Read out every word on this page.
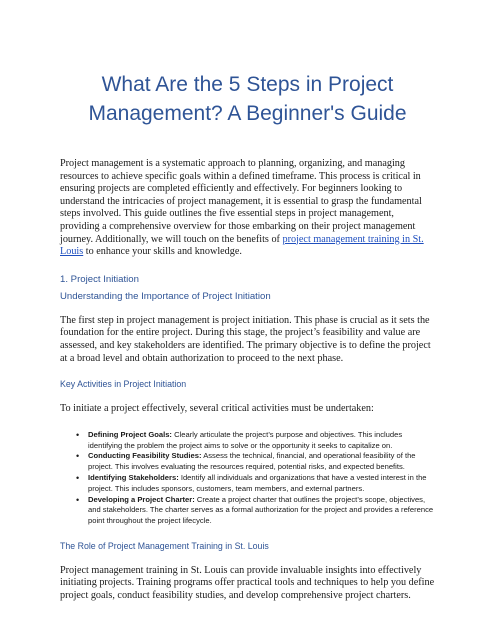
What Are the 5 Steps in Project
Management? A Beginner's Guide

Project management is a systematic approach to planning, organizing, and managing resources to achieve specific goals within a defined timeframe. This process is critical in ensuring projects are completed efficiently and effectively. For beginners looking to understand the intricacies of project management, it is essential to grasp the fundamental steps involved. This guide outlines the five essential steps in project management, providing a comprehensive overview for those embarking on their project management journey. Additionally, we will touch on the benefits of project management training in St. Louis to enhance your skills and knowledge.

1. Project Initiation
Understanding the Importance of Project Initiation

The first step in project management is project initiation. This phase is crucial as it sets the foundation for the entire project. During this stage, the project’s feasibility and value are assessed, and key stakeholders are identified. The primary objective is to define the project at a broad level and obtain authorization to proceed to the next phase.

Key Activities in Project Initiation

To initiate a project effectively, several critical activities must be undertaken:

• Defining Project Goals: Clearly articulate the project’s purpose and objectives. This includes identifying the problem the project aims to solve or the opportunity it seeks to capitalize on.
• Conducting Feasibility Studies: Assess the technical, financial, and operational feasibility of the project. This involves evaluating the resources required, potential risks, and expected benefits.
• Identifying Stakeholders: Identify all individuals and organizations that have a vested interest in the project. This includes sponsors, customers, team members, and external partners.
• Developing a Project Charter: Create a project charter that outlines the project’s scope, objectives, and stakeholders. The charter serves as a formal authorization for the project and provides a reference point throughout the project lifecycle.
The Role of Project Management Training in St. Louis

Project management training in St. Louis can provide invaluable insights into effectively initiating projects. Training programs offer practical tools and techniques to help you define project goals, conduct feasibility studies, and develop comprehensive project charters.
